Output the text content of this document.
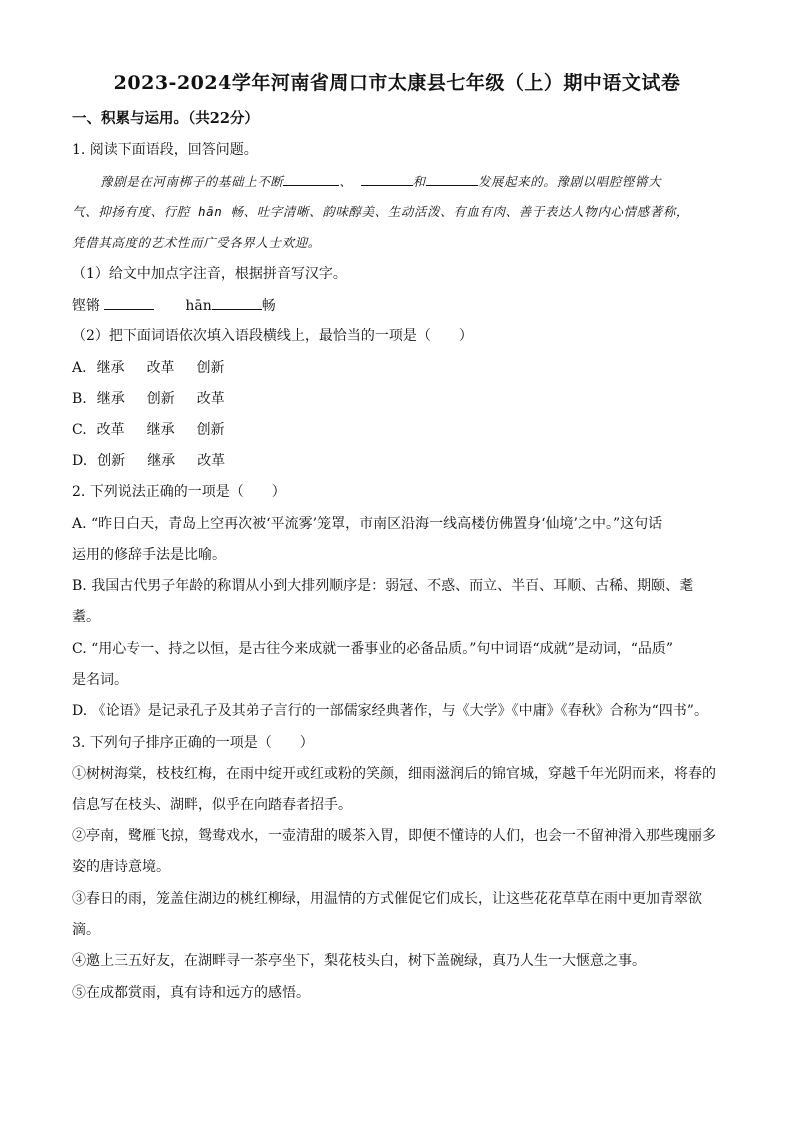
2023-2024学年河南省周口市太康县七年级（上）期中语文试卷
一、积累与运用。（共22分）
1. 阅读下面语段，回答问题。
豫剧是在河南梆子的基础上不断	、	和	发展起来的。豫剧以唱腔铿锵大
气、抑扬有度、行腔 hān 畅、吐字清晰、韵味醇美、生动活泼、有血有肉、善于表达人物内心情感著称，
凭借其高度的艺术性而广受各界人士欢迎。
（1）给文中加点字注音，根据拼音写汉字。
铿锵	hān	畅
（2）把下面词语依次填入语段横线上，最恰当的一项是（　　）
A. 继承 改革 创新
B. 继承 创新 改革
C. 改革 继承 创新
D. 创新 继承 改革
2. 下列说法正确的一项是（　　）
A. “昨日白天，青岛上空再次被‘平流雾’笼罩，市南区沿海一线高楼仿佛置身‘仙境’之中。”这句话
运用的修辞手法是比喻。
B. 我国古代男子年龄的称谓从小到大排列顺序是：弱冠、不惑、而立、半百、耳顺、古稀、期颐、耄
耋。
C. “用心专一、持之以恒，是古往今来成就一番事业的必备品质。”句中词语“成就”是动词，“品质”
是名词。
D. 《论语》是记录孔子及其弟子言行的一部儒家经典著作，与《大学》《中庸》《春秋》合称为“四书”。
3. 下列句子排序正确的一项是（　　）
①树树海棠，枝枝红梅，在雨中绽开或红或粉的笑颜，细雨滋润后的锦官城，穿越千年光阴而来，将春的
信息写在枝头、湖畔，似乎在向踏春者招手。
②亭南，鹭雁飞掠，鸳鸯戏水，一壶清甜的暖茶入胃，即便不懂诗的人们，也会一不留神滑入那些瑰丽多
姿的唐诗意境。
③春日的雨，笼盖住湖边的桃红柳绿，用温情的方式催促它们成长，让这些花花草草在雨中更加青翠欲
滴。
④邀上三五好友，在湖畔寻一茶亭坐下，梨花枝头白，树下盖碗绿，真乃人生一大惬意之事。
⑤在成都赏雨，真有诗和远方的感悟。
